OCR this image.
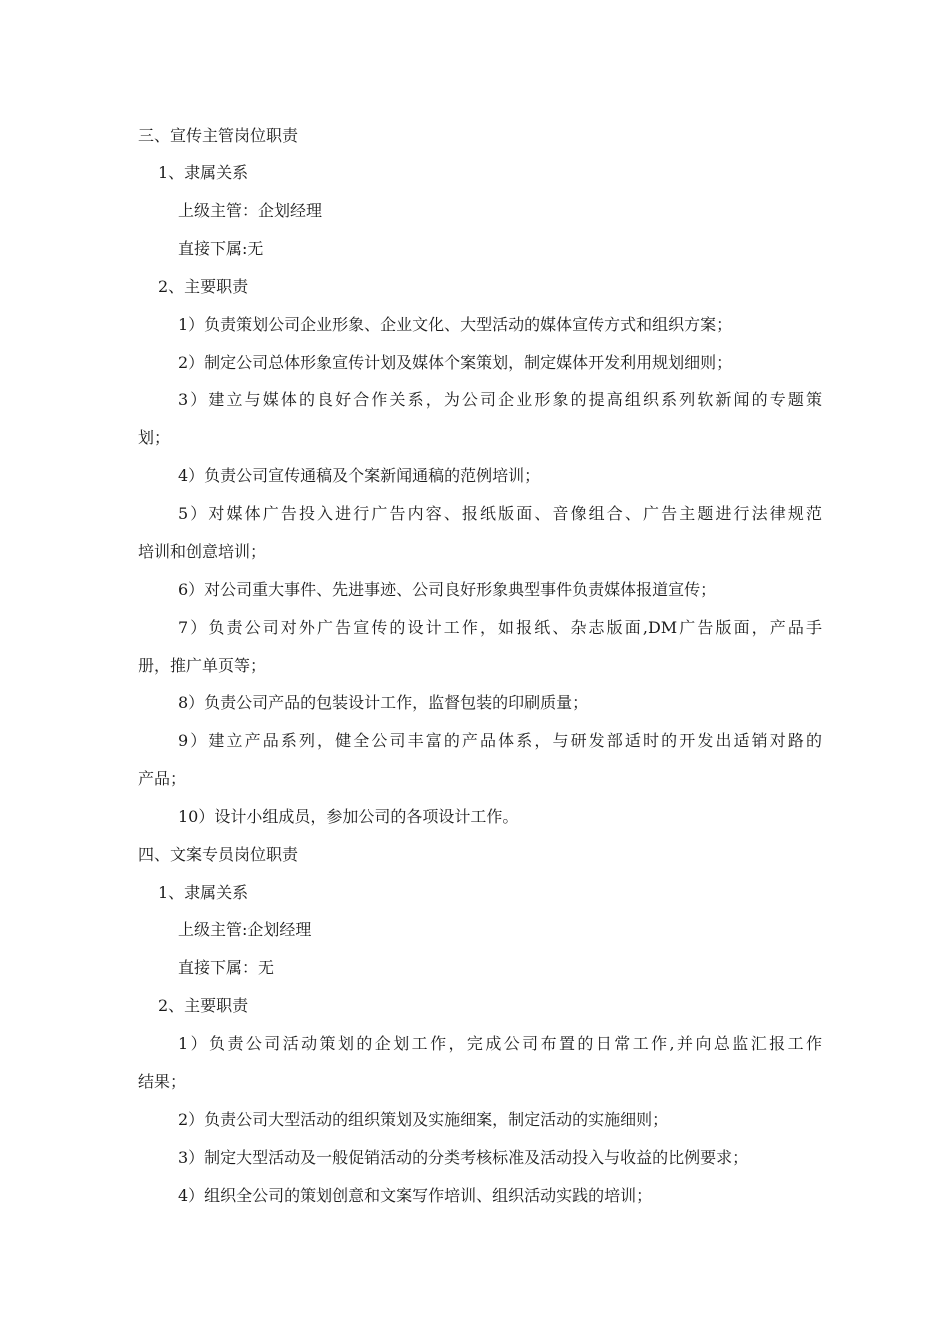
三、宣传主管岗位职责
1、隶属关系
上级主管：企划经理
直接下属:无
2、主要职责
1）负责策划公司企业形象、企业文化、大型活动的媒体宣传方式和组织方案；
2）制定公司总体形象宣传计划及媒体个案策划，制定媒体开发利用规划细则；
3）建立与媒体的良好合作关系，为公司企业形象的提高组织系列软新闻的专题策
划；
4）负责公司宣传通稿及个案新闻通稿的范例培训；
5）对媒体广告投入进行广告内容、报纸版面、音像组合、广告主题进行法律规范
培训和创意培训；
6）对公司重大事件、先进事迹、公司良好形象典型事件负责媒体报道宣传；
7）负责公司对外广告宣传的设计工作，如报纸、杂志版面,DM广告版面，产品手
册，推广单页等；
8）负责公司产品的包装设计工作，监督包装的印刷质量；
9）建立产品系列，健全公司丰富的产品体系，与研发部适时的开发出适销对路的
产品；
10）设计小组成员，参加公司的各项设计工作。
四、文案专员岗位职责
1、隶属关系
上级主管:企划经理
直接下属：无
2、主要职责
1）负责公司活动策划的企划工作，完成公司布置的日常工作,并向总监汇报工作
结果；
2）负责公司大型活动的组织策划及实施细案，制定活动的实施细则；
3）制定大型活动及一般促销活动的分类考核标准及活动投入与收益的比例要求；
4）组织全公司的策划创意和文案写作培训、组织活动实践的培训；
